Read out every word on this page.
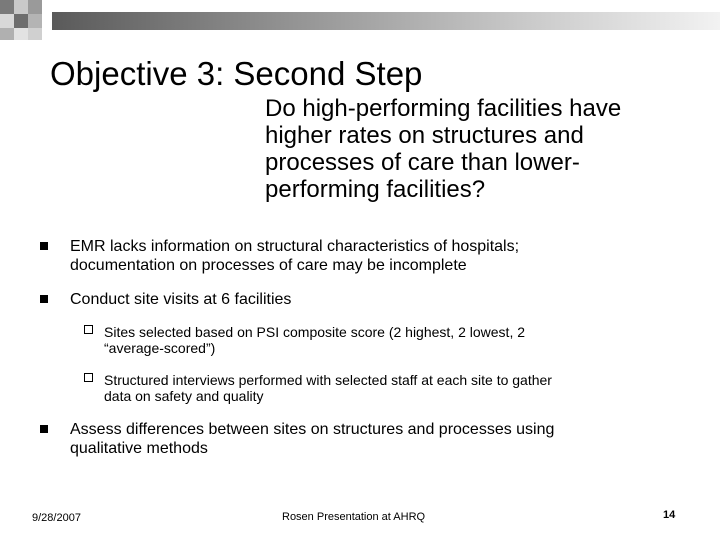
Objective 3: Second Step
Do high-performing facilities have
higher rates on structures and
processes of care than lower-
performing facilities?
EMR lacks information on structural characteristics of hospitals;
documentation on processes of care may be incomplete
Conduct site visits at 6 facilities
Sites selected based on PSI composite score (2 highest, 2 lowest, 2
“average-scored”)
Structured interviews performed with selected staff at each site to gather
data on safety and quality
Assess differences between sites on structures and processes using
qualitative methods
9/28/2007	Rosen Presentation at AHRQ	14
